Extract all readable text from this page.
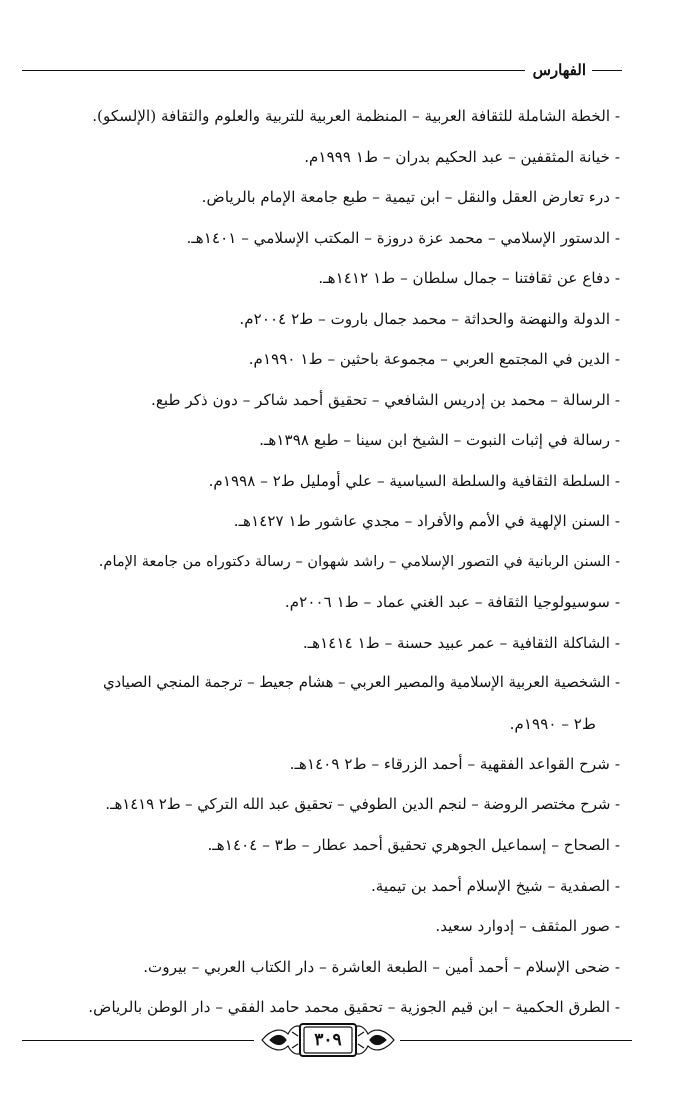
الفهارس
- الخطة الشاملة للثقافة العربية – المنظمة العربية للتربية والعلوم والثقافة (الإلسكو).
- خيانة المثقفين – عبد الحكيم بدران – ط١ ١٩٩٩م.
- درء تعارض العقل والنقل – ابن تيمية – طبع جامعة الإمام بالرياض.
- الدستور الإسلامي – محمد عزة دروزة – المكتب الإسلامي – ١٤٠١هـ.
- دفاع عن ثقافتنا – جمال سلطان – ط١ ١٤١٢هـ.
- الدولة والنهضة والحداثة – محمد جمال باروت – ط٢ ٢٠٠٤م.
- الدين في المجتمع العربي – مجموعة باحثين – ط١ ١٩٩٠م.
- الرسالة – محمد بن إدريس الشافعي – تحقيق أحمد شاكر – دون ذكر طبع.
- رسالة في إثبات النبوت – الشيخ ابن سينا – طبع ١٣٩٨هـ.
- السلطة الثقافية والسلطة السياسية – علي أومليل ط٢ – ١٩٩٨م.
- السنن الإلهية في الأمم والأفراد – مجدي عاشور ط١ ١٤٢٧هـ.
- السنن الربانية في التصور الإسلامي – راشد شهوان – رسالة دكتوراه من جامعة الإمام.
- سوسيولوجيا الثقافة – عبد الغني عماد – ط١ ٢٠٠٦م.
- الشاكلة الثقافية – عمر عبيد حسنة – ط١ ١٤١٤هـ.
- الشخصية العربية الإسلامية والمصير العربي – هشام جعيط – ترجمة المنجي الصيادي
ط٢ – ١٩٩٠م.
- شرح القواعد الفقهية – أحمد الزرقاء – ط٢ ١٤٠٩هـ.
- شرح مختصر الروضة – لنجم الدين الطوفي – تحقيق عبد الله التركي – ط٢ ١٤١٩هـ.
- الصحاح – إسماعيل الجوهري تحقيق أحمد عطار – ط٣ – ١٤٠٤هـ.
- الصفدية – شيخ الإسلام أحمد بن تيمية.
- صور المثقف – إدوارد سعيد.
- ضحى الإسلام – أحمد أمين – الطبعة العاشرة – دار الكتاب العربي – بيروت.
- الطرق الحكمية – ابن قيم الجوزية – تحقيق محمد حامد الفقي – دار الوطن بالرياض.
٣٠٩
